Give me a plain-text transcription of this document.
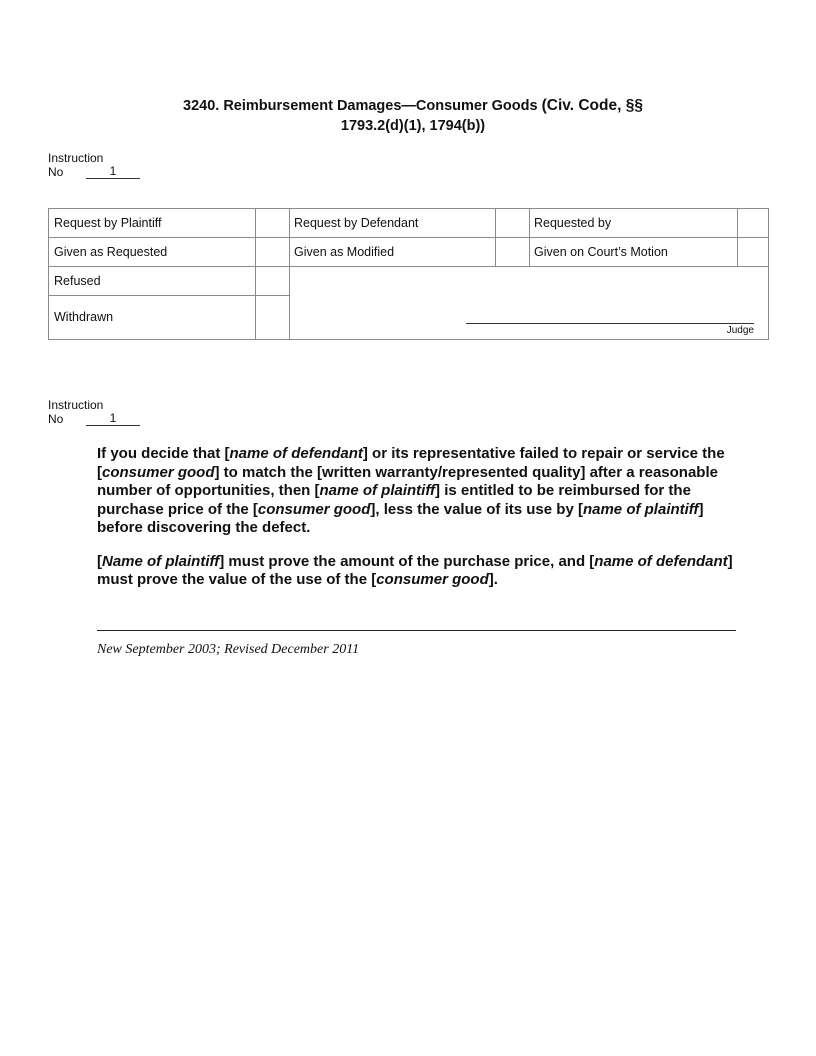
3240. Reimbursement Damages—Consumer Goods (Civ. Code, §§
1793.2(d)(1), 1794(b))
Instruction
No	1
Request by Plaintiff	Request by Defendant	Requested by
Given as Requested	Given as Modified	Given on Court’s Motion
Refused
Withdrawn
Judge
Instruction
No	1

If you decide that [name of defendant] or its representative failed to repair or service the [consumer good] to match the [written warranty/represented quality] after a reasonable number of opportunities, then [name of plaintiff] is entitled to be reimbursed for the purchase price of the [consumer good], less the value of its use by [name of plaintiff] before discovering the defect.

[Name of plaintiff] must prove the amount of the purchase price, and [name of defendant] must prove the value of the use of the [consumer good].

New September 2003; Revised December 2011
